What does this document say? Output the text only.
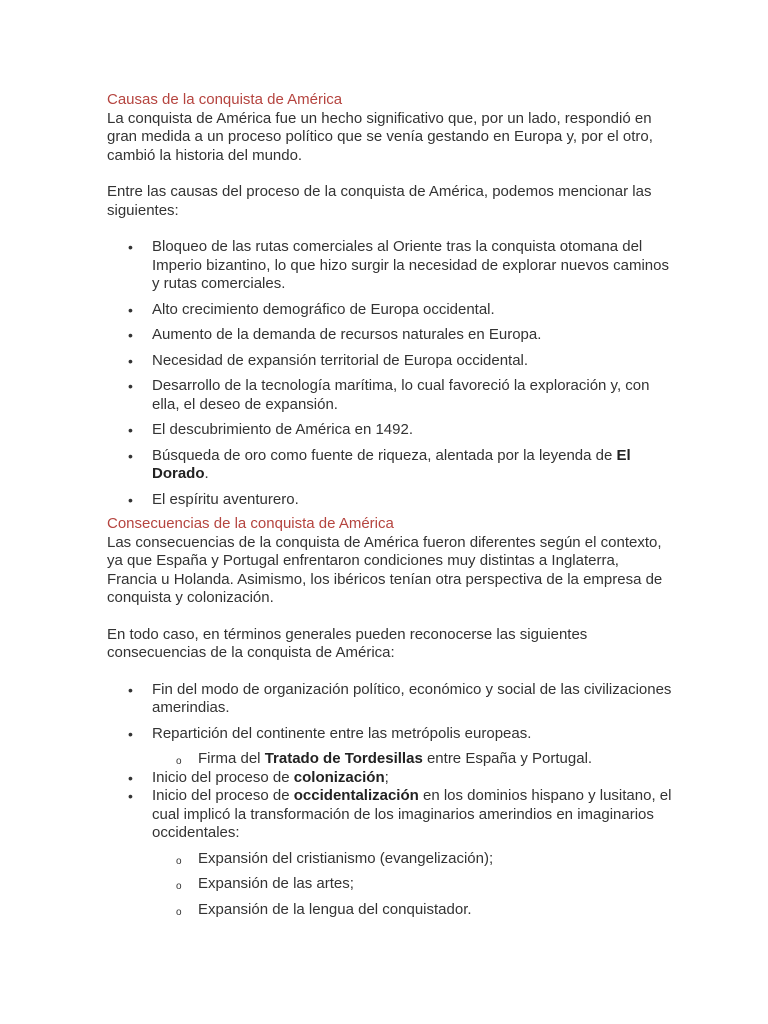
Causas de la conquista de América

La conquista de América fue un hecho significativo que, por un lado, respondió en gran medida a un proceso político que se venía gestando en Europa y, por el otro, cambió la historia del mundo.

Entre las causas del proceso de la conquista de América, podemos mencionar las siguientes:

• Bloqueo de las rutas comerciales al Oriente tras la conquista otomana del Imperio bizantino, lo que hizo surgir la necesidad de explorar nuevos caminos y rutas comerciales.
• Alto crecimiento demográfico de Europa occidental.
• Aumento de la demanda de recursos naturales en Europa.
• Necesidad de expansión territorial de Europa occidental.
• Desarrollo de la tecnología marítima, lo cual favoreció la exploración y, con ella, el deseo de expansión.
• El descubrimiento de América en 1492.
• Búsqueda de oro como fuente de riqueza, alentada por la leyenda de El Dorado.
• El espíritu aventurero.
Consecuencias de la conquista de América

Las consecuencias de la conquista de América fueron diferentes según el contexto, ya que España y Portugal enfrentaron condiciones muy distintas a Inglaterra, Francia u Holanda. Asimismo, los ibéricos tenían otra perspectiva de la empresa de conquista y colonización.

En todo caso, en términos generales pueden reconocerse las siguientes consecuencias de la conquista de América:

• Fin del modo de organización político, económico y social de las civilizaciones amerindias.
• Repartición del continente entre las metrópolis europeas.
o Firma del Tratado de Tordesillas entre España y Portugal.
• Inicio del proceso de colonización;
• Inicio del proceso de occidentalización en los dominios hispano y lusitano, el cual implicó la transformación de los imaginarios amerindios en imaginarios occidentales:
o Expansión del cristianismo (evangelización);
o Expansión de las artes;
o Expansión de la lengua del conquistador.
